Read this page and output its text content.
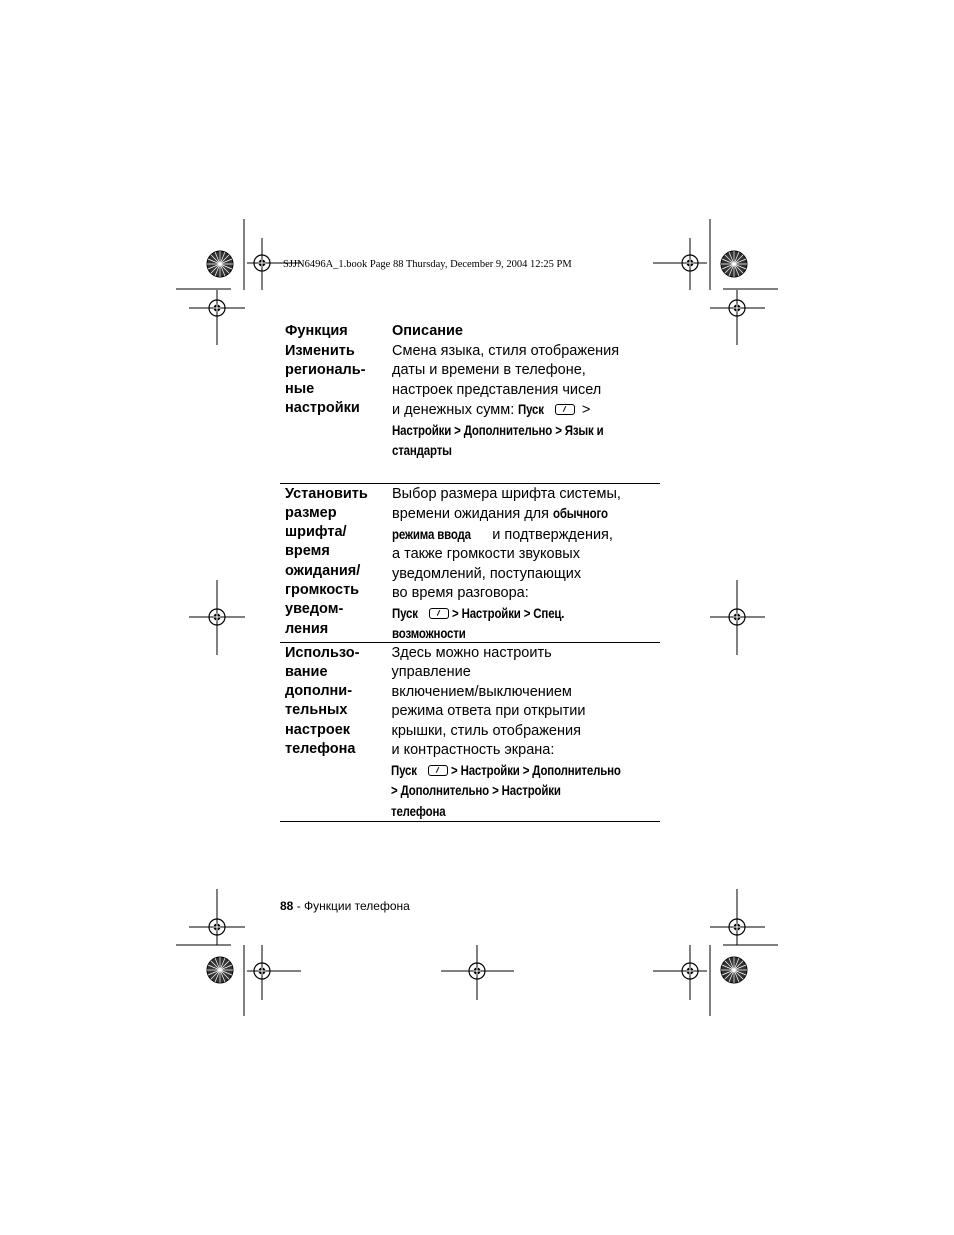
SJJN6496A_1.book Page 88 Thursday, December 9, 2004 12:25 PM
Функция	Описание
Изменить
региональ-
ные
настройки
Смена языка, стиля отображения
даты и времени в телефоне,
настроек представления чисел
и денежных сумм: Пуск	>
Настройки > Дополнительно > Язык и
стандарты
Установить
размер
шрифта/
время
ожидания/
громкость
уведом-
ления
Выбор размера шрифта системы,
времени ожидания для обычного
режима ввода и подтверждения,
а также громкости звуковых
уведомлений, поступающих
во время разговора:
Пуск > Настройки > Спец.
возможности
Использо-
вание
дополни-
тельных
настроек
телефона
Здесь можно настроить
управление
включением/выключением
режима ответа при открытии
крышки, стиль отображения
и контрастность экрана:
Пуск > Настройки > Дополнительно
> Дополнительно > Настройки
телефона
88 - Функции телефона
